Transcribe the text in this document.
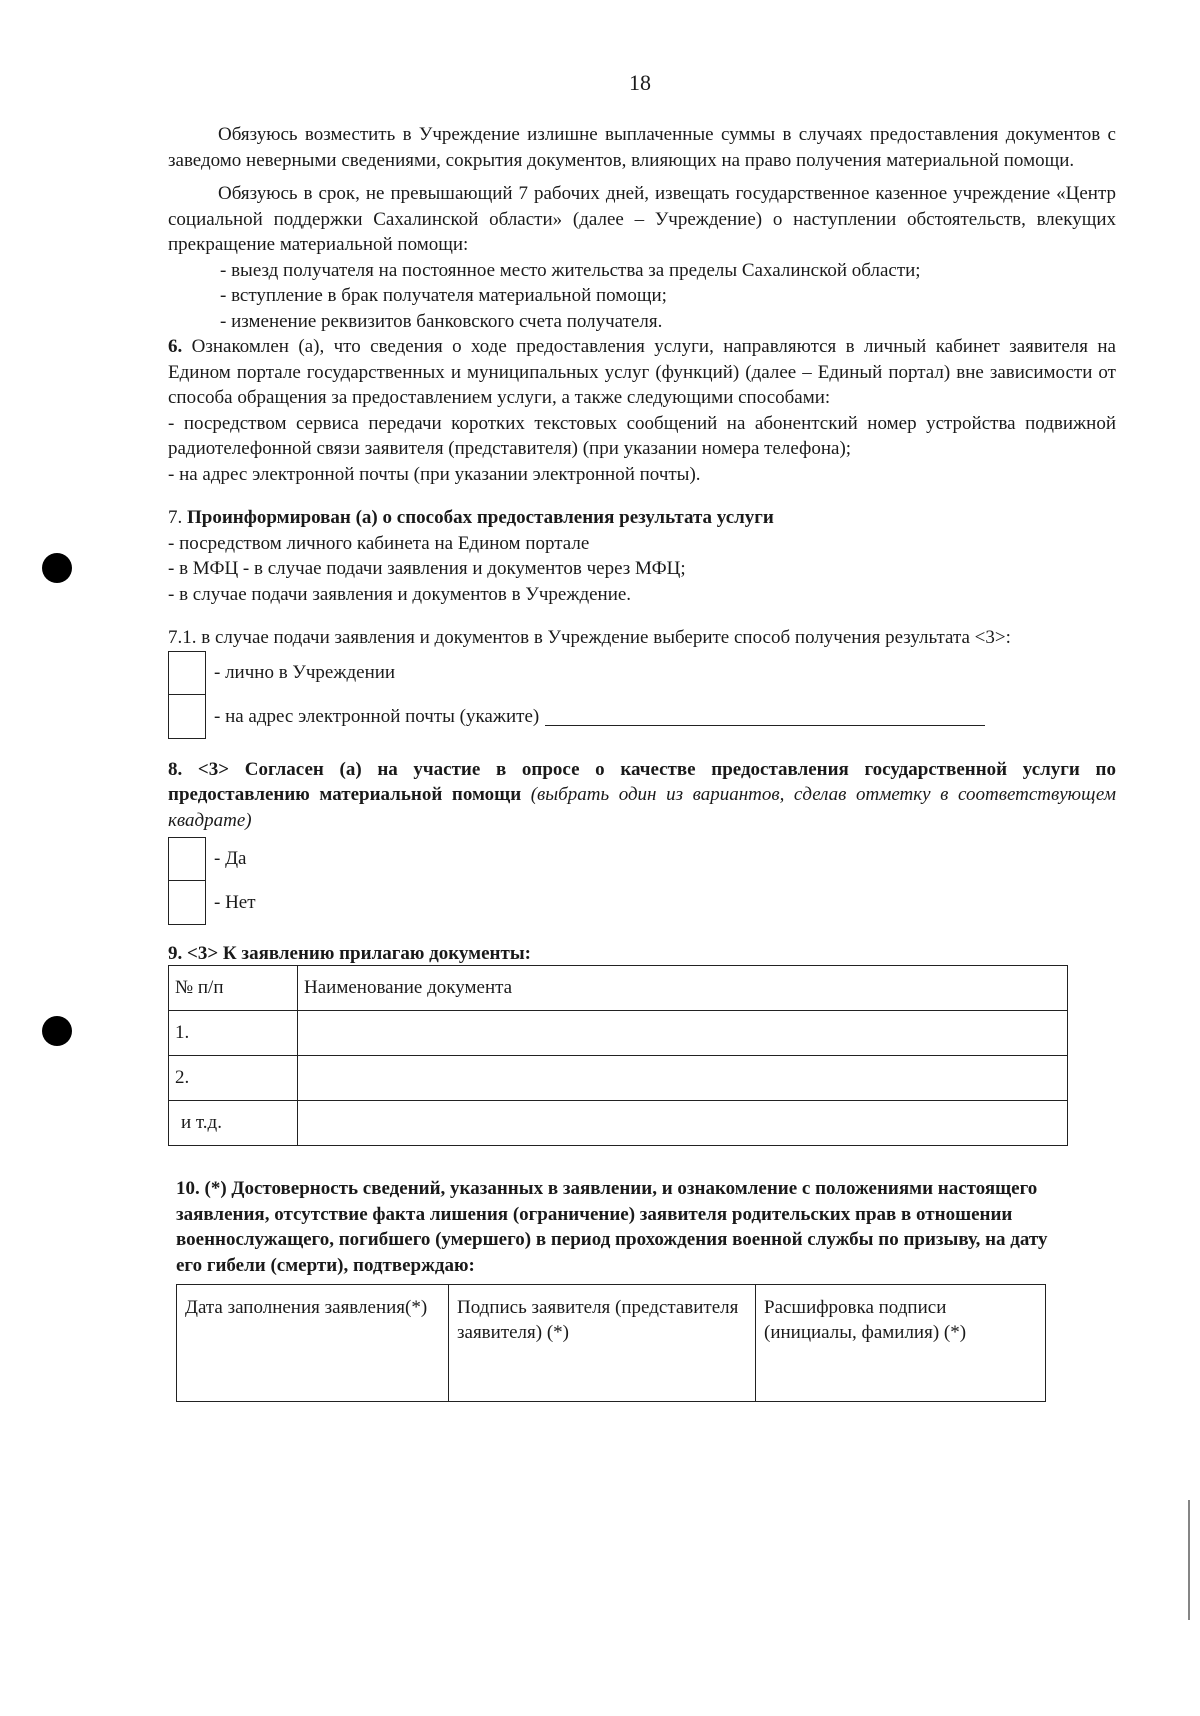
18

Обязуюсь возместить в Учреждение излишне выплаченные суммы в случаях предоставления документов с заведомо неверными сведениями, сокрытия документов, влияющих на право получения материальной помощи.

Обязуюсь в срок, не превышающий 7 рабочих дней, извещать государственное казенное учреждение «Центр социальной поддержки Сахалинской области» (далее – Учреждение) о наступлении обстоятельств, влекущих прекращение материальной помощи:

- выезд получателя на постоянное место жительства за пределы Сахалинской области;

- вступление в брак получателя материальной помощи;

- изменение реквизитов банковского счета получателя.

6. Ознакомлен (а), что сведения о ходе предоставления услуги, направляются в личный кабинет заявителя на Едином портале государственных и муниципальных услуг (функций) (далее – Единый портал) вне зависимости от способа обращения за предоставлением услуги, а также следующими способами:

- посредством сервиса передачи коротких текстовых сообщений на абонентский номер устройства подвижной радиотелефонной связи заявителя (представителя) (при указании номера телефона);

- на адрес электронной почты (при указании электронной почты).

7. Проинформирован (а) о способах предоставления результата услуги

- посредством личного кабинета на Едином портале

- в МФЦ - в случае подачи заявления и документов через МФЦ;

- в случае подачи заявления и документов в Учреждение.

7.1. в случае подачи заявления и документов в Учреждение выберите способ получения результата <3>:

- лично в Учреждении
- на адрес электронной почты (укажите)

8. <3> Согласен (а) на участие в опросе о качестве предоставления государственной услуги по предоставлению материальной помощи (выбрать один из вариантов, сделав отметку в соответствующем квадрате)

- Да
- Нет

9. <3> К заявлению прилагаю документы:

№ п/п	Наименование документа
1.	
2.	
и т.д.	

10. (*) Достоверность сведений, указанных в заявлении, и ознакомление с положениями настоящего заявления, отсутствие факта лишения (ограничение) заявителя родительских прав в отношении военнослужащего, погибшего (умершего) в период прохождения военной службы по призыву, на дату его гибели (смерти), подтверждаю:

Дата заполнения заявления(*)	Подпись заявителя (представителя заявителя) (*)	Расшифровка подписи (инициалы, фамилия) (*)
